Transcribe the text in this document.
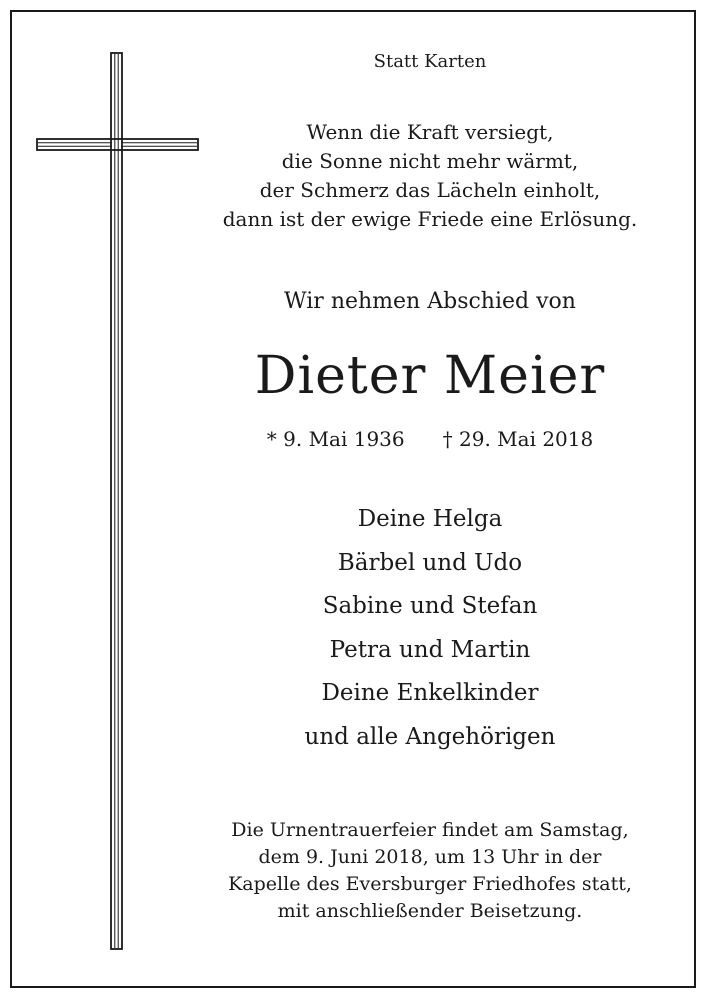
Statt Karten
Wenn die Kraft versiegt,
die Sonne nicht mehr wärmt,
der Schmerz das Lächeln einholt,
dann ist der ewige Friede eine Erlösung.
Wir nehmen Abschied von
Dieter Meier
* 9. Mai 1936 † 29. Mai 2018
Deine Helga
Bärbel und Udo
Sabine und Stefan
Petra und Martin
Deine Enkelkinder
und alle Angehörigen
Die Urnentrauerfeier findet am Samstag,
dem 9. Juni 2018, um 13 Uhr in der
Kapelle des Eversburger Friedhofes statt,
mit anschließender Beisetzung.
